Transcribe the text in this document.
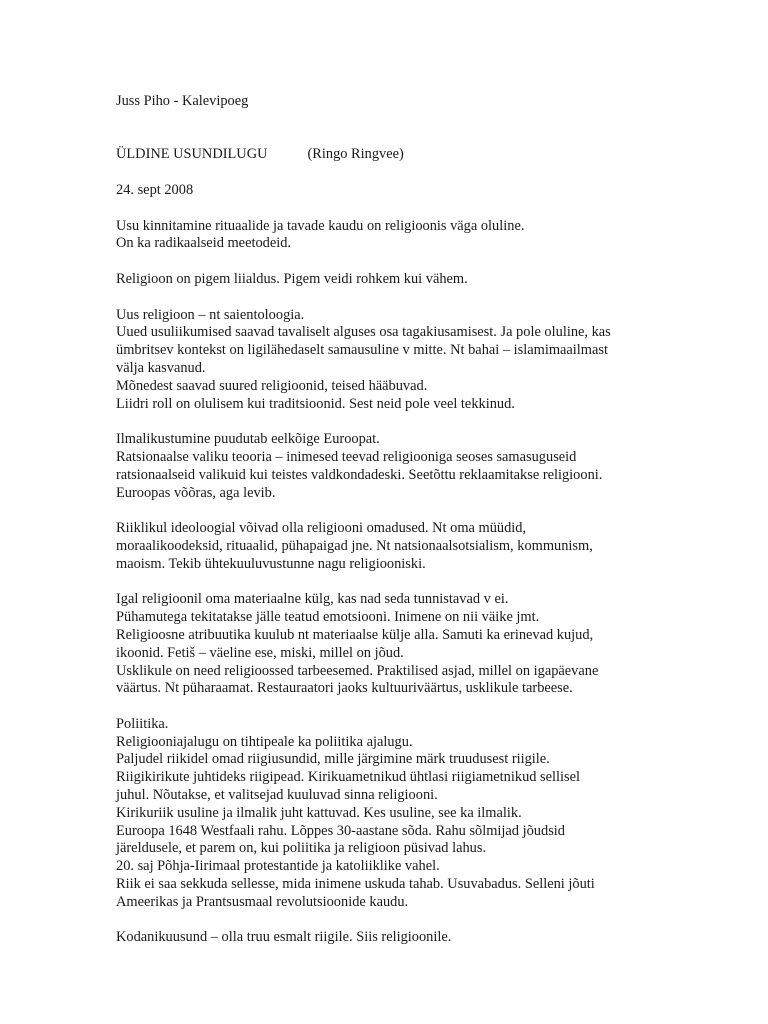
Juss Piho - Kalevipoeg
ÜLDINE USUNDILUGU	(Ringo Ringvee)
24. sept 2008
Usu kinnitamine rituaalide ja tavade kaudu on religioonis väga oluline.
On ka radikaalseid meetodeid.
Religioon on pigem liialdus. Pigem veidi rohkem kui vähem.
Uus religioon – nt saientoloogia.
Uued usuliikumised saavad tavaliselt alguses osa tagakiusamisest. Ja pole oluline, kas
ümbritsev kontekst on ligilähedaselt samausuline v mitte. Nt bahai – islamimaailmast
välja kasvanud.
Mõnedest saavad suured religioonid, teised hääbuvad.
Liidri roll on olulisem kui traditsioonid. Sest neid pole veel tekkinud.
Ilmalikustumine puudutab eelkõige Euroopat.
Ratsionaalse valiku teooria – inimesed teevad religiooniga seoses samasuguseid
ratsionaalseid valikuid kui teistes valdkondadeski. Seetõttu reklaamitakse religiooni.
Euroopas võõras, aga levib.
Riiklikul ideoloogial võivad olla religiooni omadused. Nt oma müüdid,
moraalikoodeksid, rituaalid, pühapaigad jne. Nt natsionaalsotsialism, kommunism,
maoism. Tekib ühtekuuluvustunne nagu religiooniski.
Igal religioonil oma materiaalne külg, kas nad seda tunnistavad v ei.
Pühamutega tekitatakse jälle teatud emotsiooni. Inimene on nii väike jmt.
Religioosne atribuutika kuulub nt materiaalse külje alla. Samuti ka erinevad kujud,
ikoonid. Fetiš – väeline ese, miski, millel on jõud.
Usklikule on need religioossed tarbeesemed. Praktilised asjad, millel on igapäevane
väärtus. Nt püharaamat. Restauraatori jaoks kultuuriväärtus, usklikule tarbeese.
Poliitika.
Religiooniajalugu on tihtipeale ka poliitika ajalugu.
Paljudel riikidel omad riigiusundid, mille järgimine märk truudusest riigile.
Riigikirikute juhtideks riigipead. Kirikuametnikud ühtlasi riigiametnikud sellisel
juhul. Nõutakse, et valitsejad kuuluvad sinna religiooni.
Kirikuriik usuline ja ilmalik juht kattuvad. Kes usuline, see ka ilmalik.
Euroopa 1648 Westfaali rahu. Lõppes 30-aastane sõda. Rahu sõlmijad jõudsid
järeldusele, et parem on, kui poliitika ja religioon püsivad lahus.
20. saj Põhja-Iirimaal protestantide ja katoliiklike vahel.
Riik ei saa sekkuda sellesse, mida inimene uskuda tahab. Usuvabadus. Selleni jõuti
Ameerikas ja Prantsusmaal revolutsioonide kaudu.
Kodanikuusund – olla truu esmalt riigile. Siis religioonile.
